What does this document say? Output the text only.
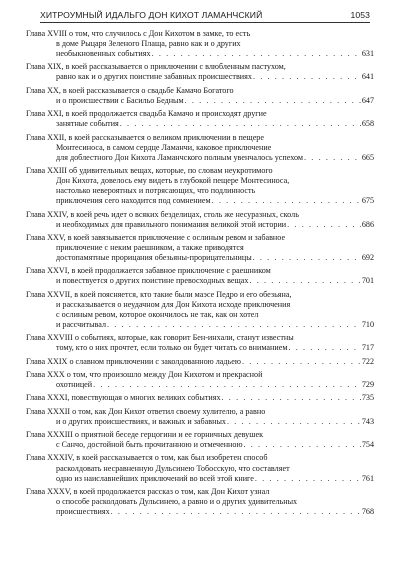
ХИТРОУМНЫЙ ИДАЛЬГО ДОН КИХОТ ЛАМАНЧСКИЙ	1053
Глава XVIII о том, что случилось с Дон Кихотом в замке, то есть
в доме Рыцаря Зеленого Плаща, равно как и о других
необыкновенных событиях . . .	631
Глава XIX, в коей рассказывается о приключении с влюбленным пастухом,
равно как и о других поистине забавных происшествиях . . .	641
Глава XX, в коей рассказывается о свадьбе Камачо Богатого
и о происшествии с Басильо Бедным . . .	647
Глава XXI, в коей продолжается свадьба Камачо и происходят другие
занятные события . . .	658
Глава XXII, в коей рассказывается о великом приключении в пещере
Монтесиноса, в самом сердце Ламанчи, каковое приключение
для доблестного Дон Кихота Ламанчского полным увенчалось успехом . . .	665
Глава XXIII об удивительных вещах, которые, по словам неукротимого
Дон Кихота, довелось ему видеть в глубокой пещере Монтесиноса,
настолько невероятных и потрясающих, что подлинность
приключения сего находится под сомнением . . .	675
Глава XXIV, в коей речь идет о всяких безделицах, столь же несуразных, сколь
и необходимых для правильного понимания великой этой истории . . .	686
Глава XXV, в коей завязывается приключение с ослиным ревом и забавное
приключение с неким раешником, а также приводятся
достопамятные прорицания обезьяны-прорицательницы . . .	692
Глава XXVI, в коей продолжается забавное приключение с раешником
и повествуется о других поистине превосходных вещах . . .	701
Глава XXVII, в коей поясняется, кто такие были маэсе Педро и его обезьяна,
и рассказывается о неудачном для Дон Кихота исходе приключения
с ослиным ревом, которое окончилось не так, как он хотел
и рассчитывал . . .	710
Глава XXVIII о событиях, которые, как говорит Бен-инхали, станут известны
тому, кто о них прочтет, если только он будет читать со вниманием . . .	717
Глава XXIX о славном приключении с заколдованною ладьею . . .	722
Глава XXX о том, что произошло между Дон Кихотом и прекрасной
охотницей . . .	729
Глава XXXI, повествующая о многих великих событиях . . .	735
Глава XXXII о том, как Дон Кихот ответил своему хулителю, а равно
и о других происшествиях, и важных и забавных . . .	743
Глава XXXIII о приятной беседе герцогини и ее горничных девушек
с Санчо, достойной быть прочитанною и отмеченною . . .	754
Глава XXXIV, в коей рассказывается о том, как был изобретен способ
расколдовать несравненную Дульсинею Тобосскую, что составляет
одно из наиславнейших приключений во всей этой книге . . .	761
Глава XXXV, в коей продолжается рассказ о том, как Дон Кихот узнал
о способе расколдовать Дульсинею, а равно и о других удивительных
происшествиях . . .	768
